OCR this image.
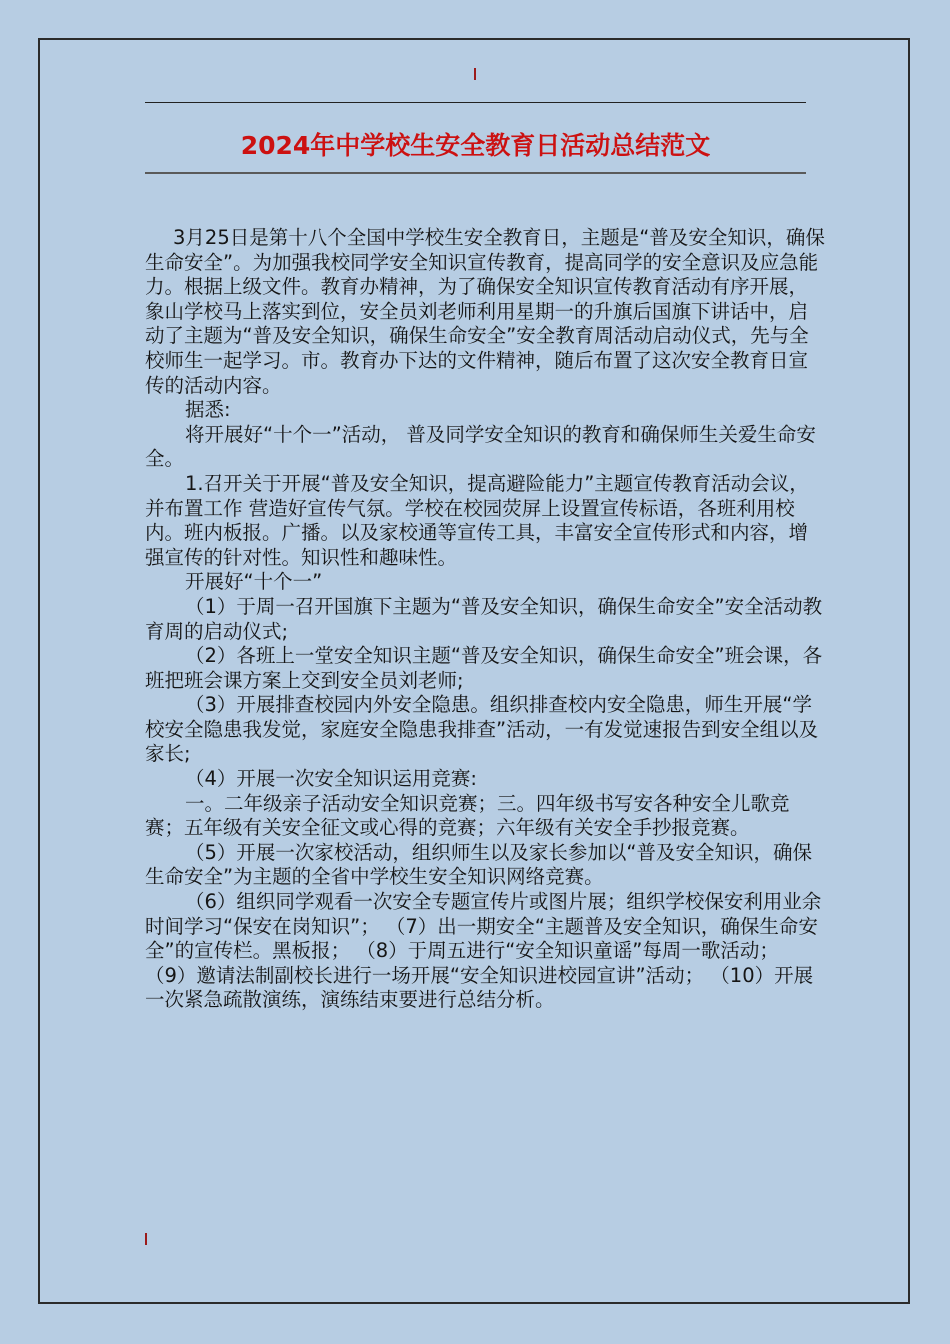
2024年中学校生安全教育日活动总结范文

3月25日是第十八个全国中学校生安全教育日，主题是“普及安全知识，确保生命安全”。为加强我校同学安全知识宣传教育，提高同学的安全意识及应急能力。根据上级文件。教育办精神，为了确保安全知识宣传教育活动有序开展，象山学校马上落实到位，安全员刘老师利用星期一的升旗后国旗下讲话中，启动了主题为“普及安全知识，确保生命安全”安全教育周活动启动仪式，先与全校师生一起学习。市。教育办下达的文件精神，随后布置了这次安全教育日宣传的活动内容。

据悉:

将开展好“十个一”活动， 普及同学安全知识的教育和确保师生关爱生命安全。

1.召开关于开展“普及安全知识，提高避险能力”主题宣传教育活动会议，并布置工作 营造好宣传气氛。学校在校园荧屏上设置宣传标语，各班利用校内。班内板报。广播。以及家校通等宣传工具，丰富安全宣传形式和内容，增强宣传的针对性。知识性和趣味性。

开展好“十个一”

（1）于周一召开国旗下主题为“普及安全知识，确保生命安全”安全活动教育周的启动仪式;

（2）各班上一堂安全知识主题“普及安全知识，确保生命安全”班会课，各班把班会课方案上交到安全员刘老师;

（3）开展排查校园内外安全隐患。组织排查校内安全隐患，师生开展“学校安全隐患我发觉，家庭安全隐患我排查”活动，一有发觉速报告到安全组以及家长;

（4）开展一次安全知识运用竞赛:

一。二年级亲子活动安全知识竞赛；三。四年级书写安各种安全儿歌竞赛；五年级有关安全征文或心得的竞赛；六年级有关安全手抄报竞赛。

（5）开展一次家校活动，组织师生以及家长参加以“普及安全知识，确保生命安全”为主题的全省中学校生安全知识网络竞赛。

（6）组织同学观看一次安全专题宣传片或图片展；组织学校保安利用业余时间学习“保安在岗知识”； （7）出一期安全“主题普及安全知识，确保生命安全”的宣传栏。黑板报； （8）于周五进行“安全知识童谣”每周一歌活动； （9）邀请法制副校长进行一场开展“安全知识进校园宣讲”活动； （10）开展一次紧急疏散演练，演练结束要进行总结分析。
